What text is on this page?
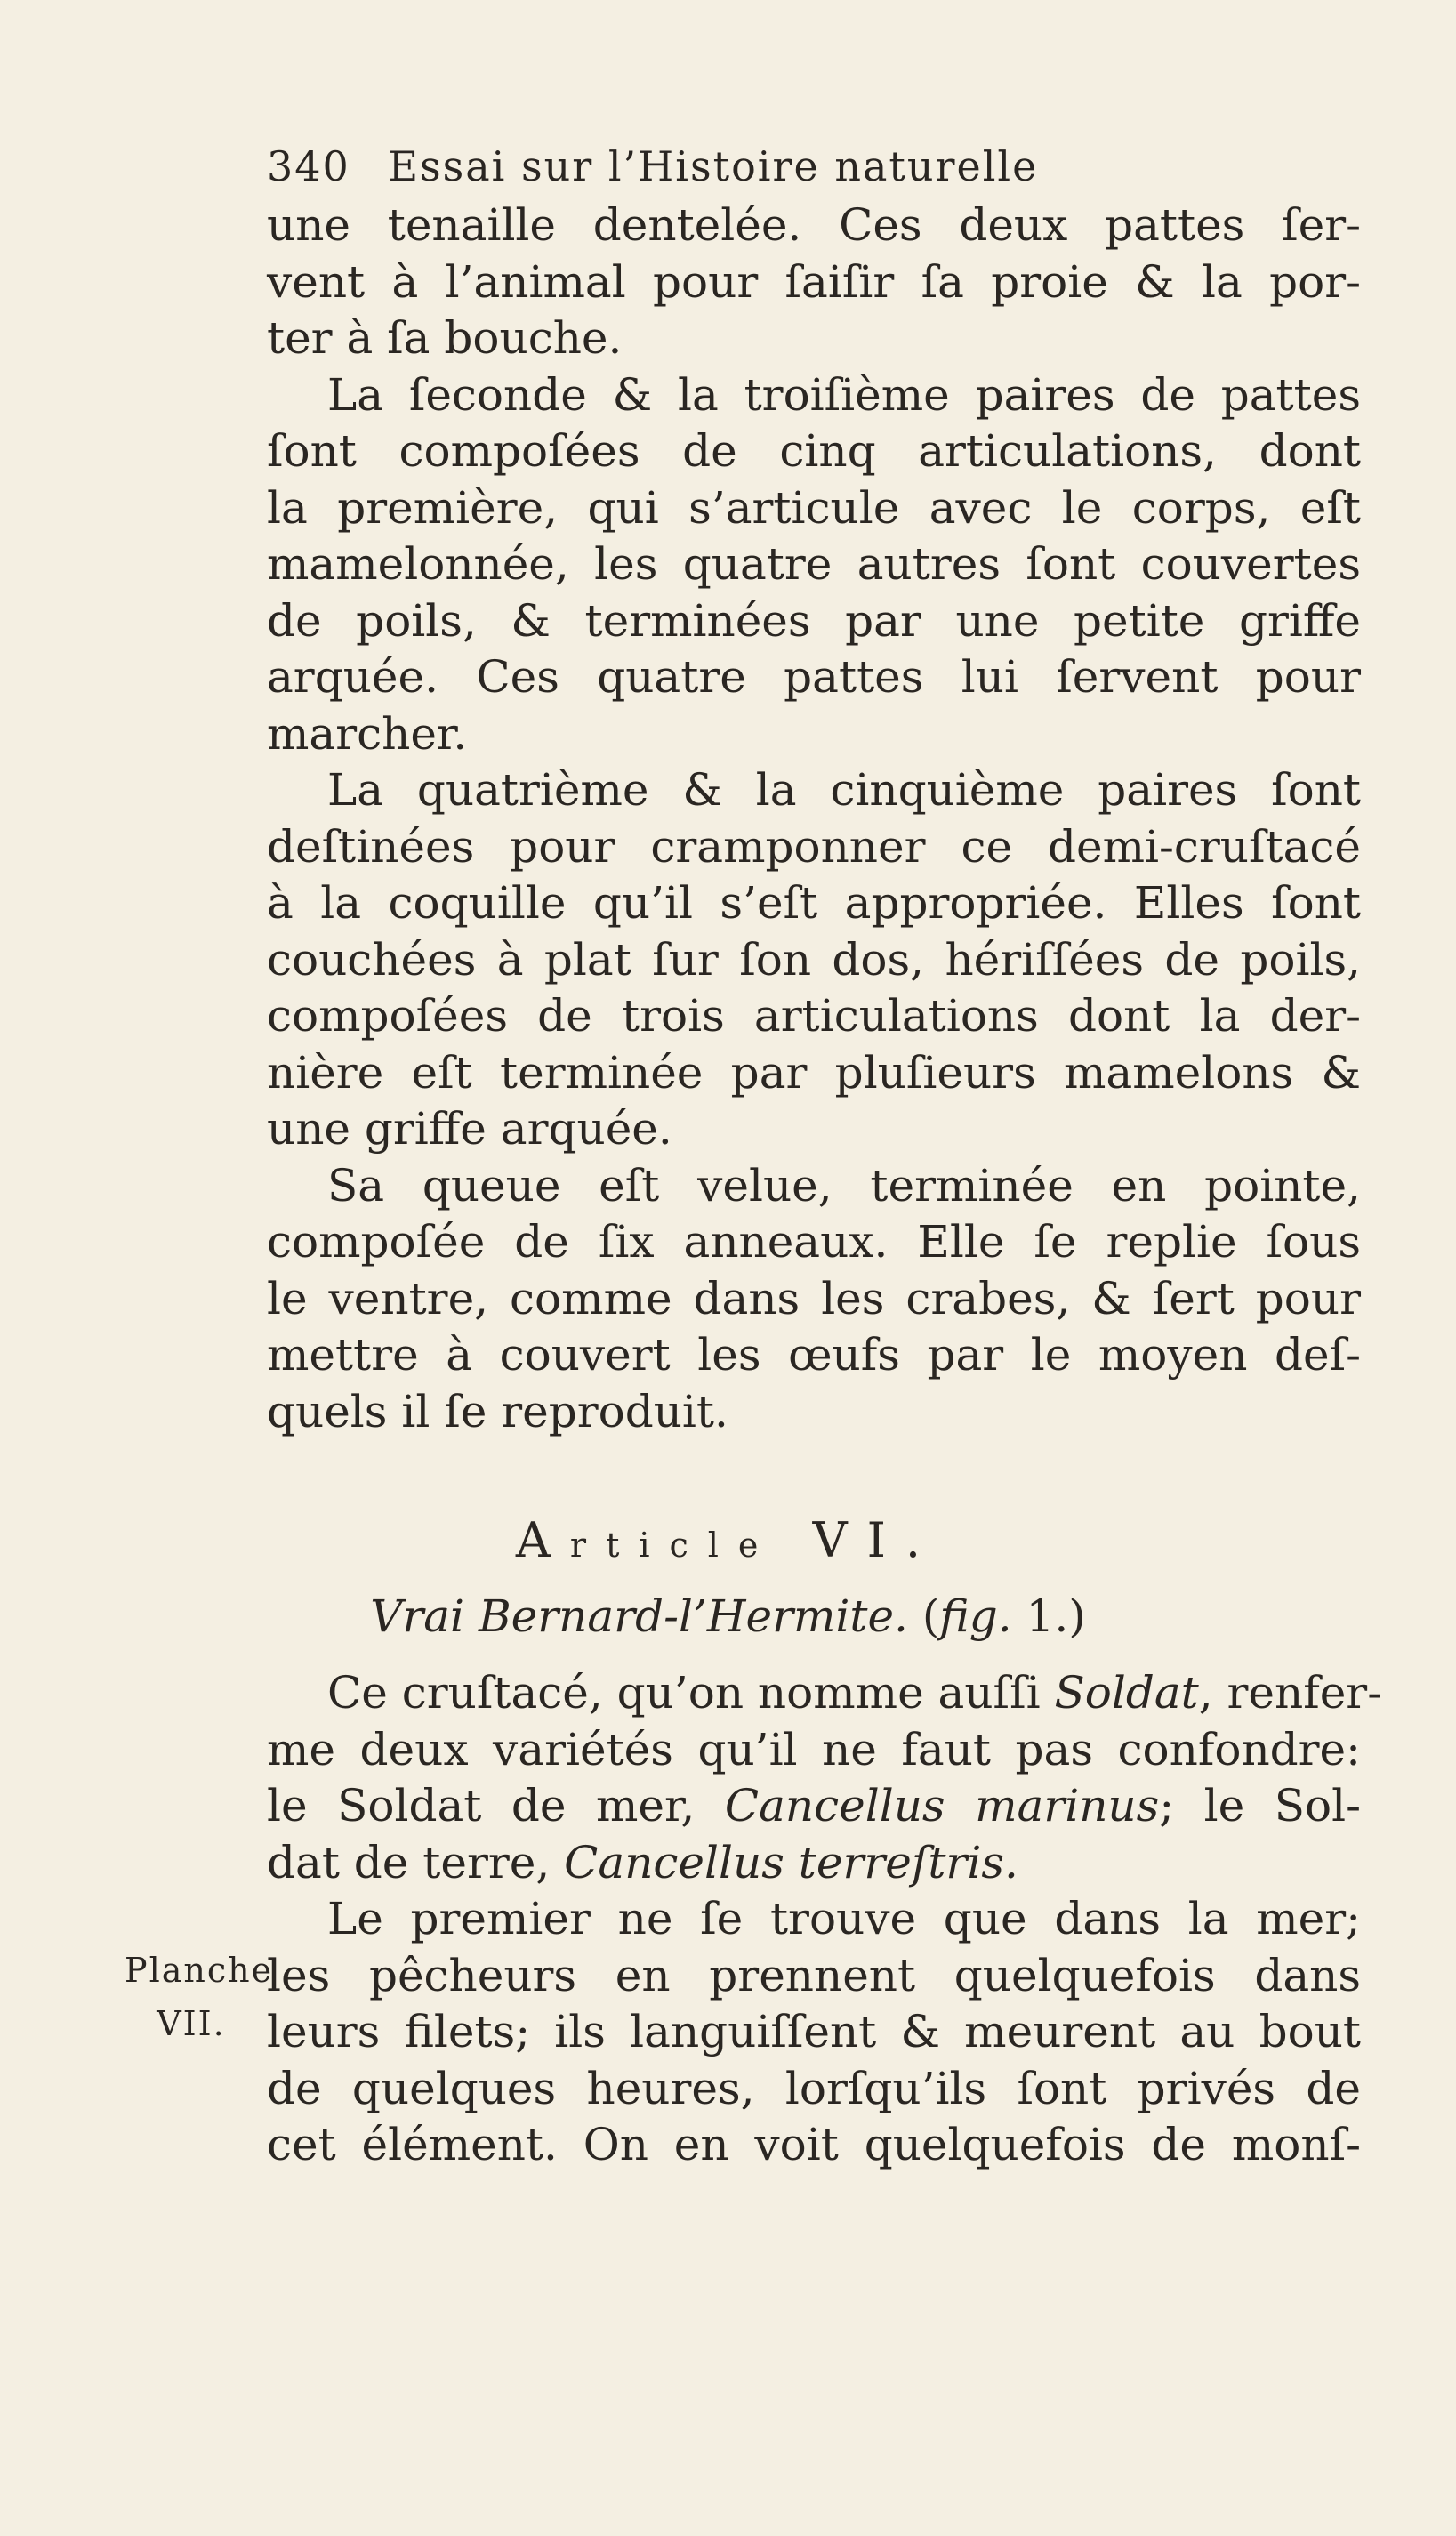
340 Essai sur l’Histoire naturelle
une tenaille dentelée. Ces deux pattes ſer-
vent à l’animal pour ſaiſir ſa proie & la por-
ter à ſa bouche.
La ſeconde & la troiſième paires de pattes
ſont compoſées de cinq articulations, dont
la première, qui s’articule avec le corps, eſt
mamelonnée, les quatre autres ſont couvertes
de poils, & terminées par une petite griffe
arquée. Ces quatre pattes lui ſervent pour
marcher.
La quatrième & la cinquième paires ſont
deſtinées pour cramponner ce demi-cruſtacé
à la coquille qu’il s’eſt appropriée. Elles ſont
couchées à plat ſur ſon dos, hériſſées de poils,
compoſées de trois articulations dont la der-
nière eſt terminée par pluſieurs mamelons &
une griffe arquée.
Sa queue eſt velue, terminée en pointe,
compoſée de ſix anneaux. Elle ſe replie ſous
le ventre, comme dans les crabes, & ſert pour
mettre à couvert les œufs par le moyen deſ-
quels il ſe reproduit.
Article VI.
Vrai Bernard-l’Hermite. (fig. 1.)
Ce cruſtacé, qu’on nomme auſſi Soldat, renfer-
me deux variétés qu’il ne faut pas confondre:
le Soldat de mer, Cancellus marinus; le Sol-
dat de terre, Cancellus terreſtris.
Le premier ne ſe trouve que dans la mer;
les pêcheurs en prennent quelquefois dans
leurs filets; ils languiſſent & meurent au bout
de quelques heures, lorſqu’ils ſont privés de
cet élément. On en voit quelquefois de monſ-
Planche
VII.
